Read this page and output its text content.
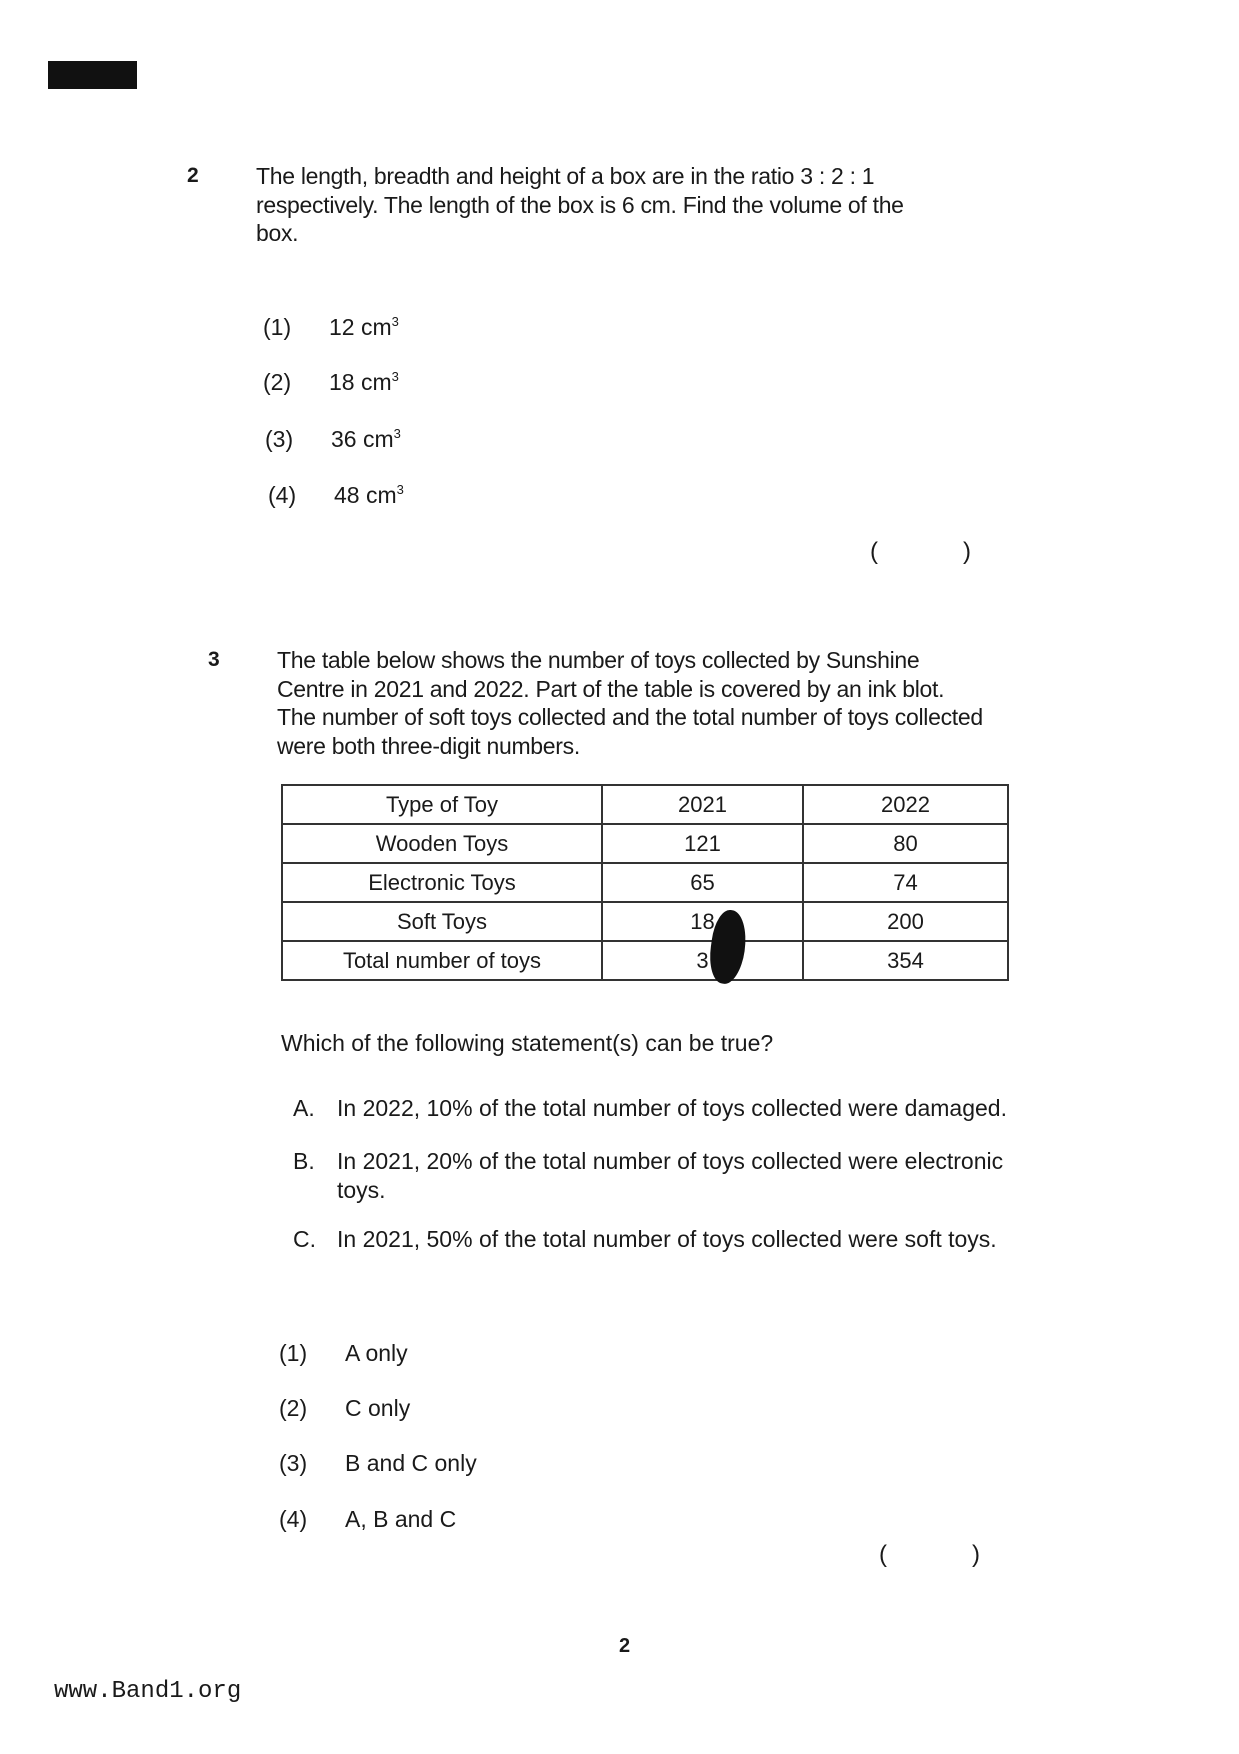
2 The length, breadth and height of a box are in the ratio 3 : 2 : 1
respectively. The length of the box is 6 cm. Find the volume of the
box.
(1)	12 cm 3
(2)	18 cm 3
(3)	36 cm 3
(4)	48 cm 3
(	)
3 The table below shows the number of toys collected by Sunshine
Centre in 2021 and 2022. Part of the table is covered by an ink blot.
The number of soft toys collected and the total number of toys collected
were both three-digit numbers.
Type of Toy	2021	2022
Wooden Toys	121	80
Electronic Toys	65	74
Soft Toys	18	200
Total number of toys	3	354
Which of the following statement(s) can be true?
A. In 2022, 10% of the total number of toys collected were damaged.
B. In 2021, 20% of the total number of toys collected were electronic
toys.
C. In 2021, 50% of the total number of toys collected were soft toys.
(1)	A only
(2)	C only
(3)	B and C only
(4)	A, B and C
(	)
2
www.Band1.org
